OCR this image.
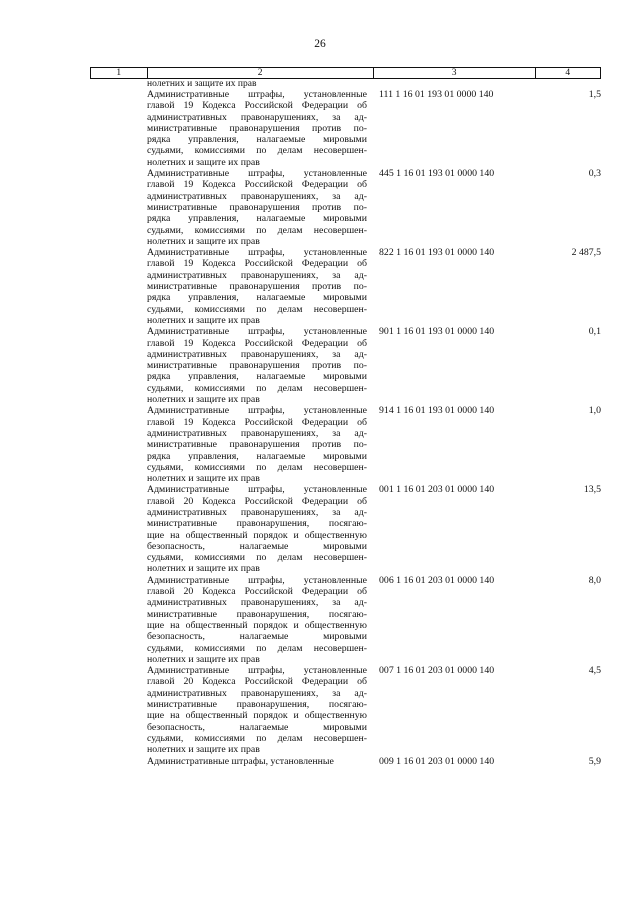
26
1	2	3	4
нолетних и защите их прав
Административные штрафы, установленные
главой 19 Кодекса Российской Федерации об
административных правонарушениях, за ад-
министративные правонарушения против по-
рядка управления, налагаемые мировыми
судьями, комиссиями по делам несовершен-
нолетних и защите их прав
111 1 16 01 193 01 0000 140	1,5
Административные штрафы, установленные
главой 19 Кодекса Российской Федерации об
административных правонарушениях, за ад-
министративные правонарушения против по-
рядка управления, налагаемые мировыми
судьями, комиссиями по делам несовершен-
нолетних и защите их прав
445 1 16 01 193 01 0000 140	0,3
Административные штрафы, установленные
главой 19 Кодекса Российской Федерации об
административных правонарушениях, за ад-
министративные правонарушения против по-
рядка управления, налагаемые мировыми
судьями, комиссиями по делам несовершен-
нолетних и защите их прав
822 1 16 01 193 01 0000 140	2 487,5
Административные штрафы, установленные
главой 19 Кодекса Российской Федерации об
административных правонарушениях, за ад-
министративные правонарушения против по-
рядка управления, налагаемые мировыми
судьями, комиссиями по делам несовершен-
нолетних и защите их прав
901 1 16 01 193 01 0000 140	0,1
Административные штрафы, установленные
главой 19 Кодекса Российской Федерации об
административных правонарушениях, за ад-
министративные правонарушения против по-
рядка управления, налагаемые мировыми
судьями, комиссиями по делам несовершен-
нолетних и защите их прав
914 1 16 01 193 01 0000 140	1,0
Административные штрафы, установленные
главой 20 Кодекса Российской Федерации об
административных правонарушениях, за ад-
министративные правонарушения, посягаю-
щие на общественный порядок и общественную
безопасность, налагаемые мировыми
судьями, комиссиями по делам несовершен-
нолетних и защите их прав
001 1 16 01 203 01 0000 140	13,5
Административные штрафы, установленные
главой 20 Кодекса Российской Федерации об
административных правонарушениях, за ад-
министративные правонарушения, посягаю-
щие на общественный порядок и общественную
безопасность, налагаемые мировыми
судьями, комиссиями по делам несовершен-
нолетних и защите их прав
006 1 16 01 203 01 0000 140	8,0
Административные штрафы, установленные
главой 20 Кодекса Российской Федерации об
административных правонарушениях, за ад-
министративные правонарушения, посягаю-
щие на общественный порядок и общественную
безопасность, налагаемые мировыми
судьями, комиссиями по делам несовершен-
нолетних и защите их прав
007 1 16 01 203 01 0000 140	4,5
Административные штрафы, установленные	009 1 16 01 203 01 0000 140	5,9
